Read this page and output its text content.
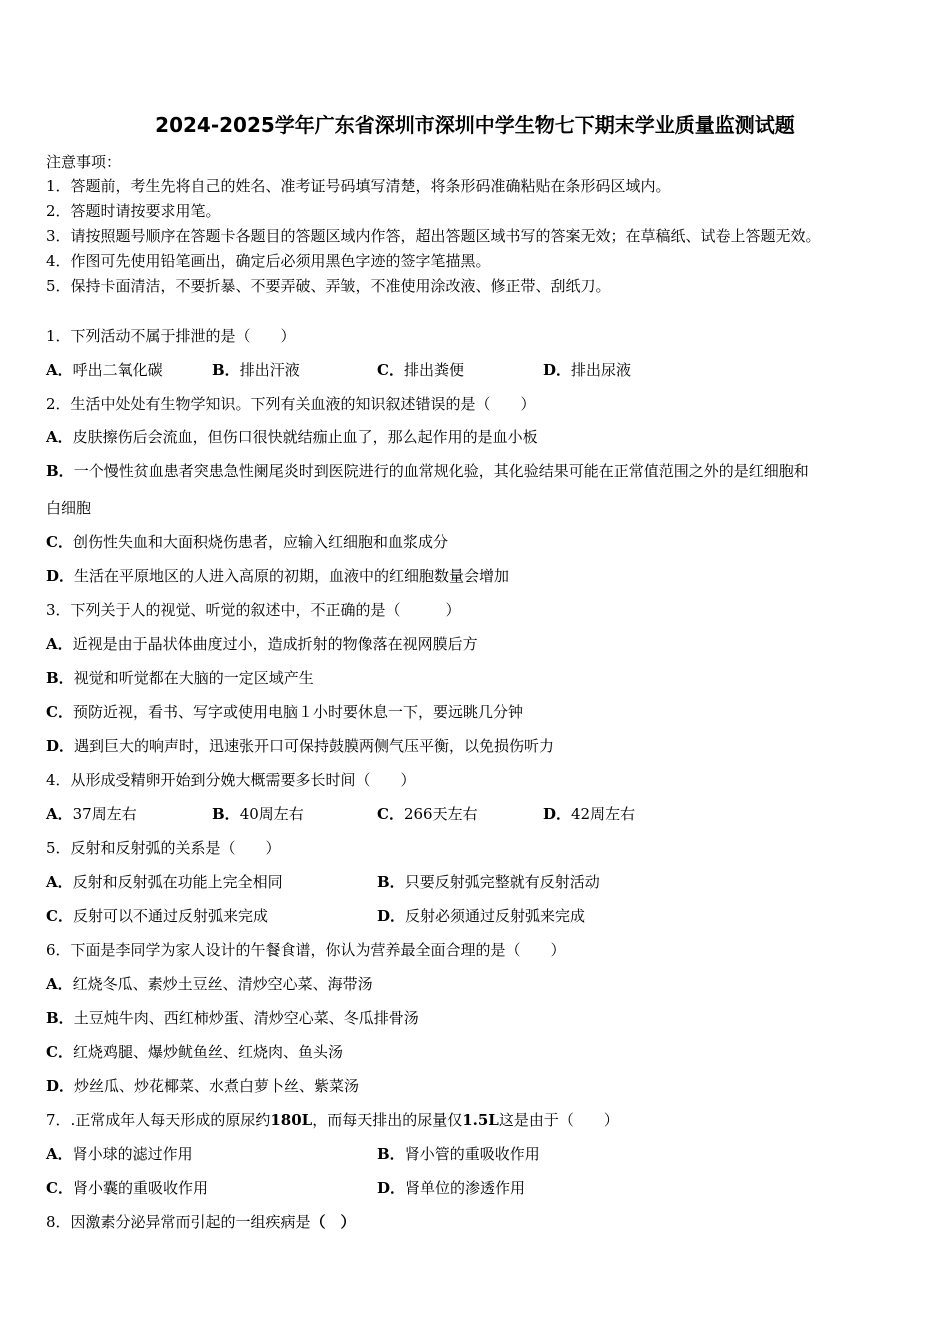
2024-2025学年广东省深圳市深圳中学生物七下期末学业质量监测试题
注意事项：
1．答题前，考生先将自己的姓名、准考证号码填写清楚，将条形码准确粘贴在条形码区域内。
2．答题时请按要求用笔。
3．请按照题号顺序在答题卡各题目的答题区域内作答，超出答题区域书写的答案无效；在草稿纸、试卷上答题无效。
4．作图可先使用铅笔画出，确定后必须用黑色字迹的签字笔描黑。
5．保持卡面清洁，不要折暴、不要弄破、弄皱，不准使用涂改液、修正带、刮纸刀。
1．下列活动不属于排泄的是（　　）
A．呼出二氧化碳	B．排出汗液	C．排出粪便	D．排出尿液
2．生活中处处有生物学知识。下列有关血液的知识叙述错误的是（　　）
A．皮肤擦伤后会流血，但伤口很快就结痂止血了，那么起作用的是血小板
B．一个慢性贫血患者突患急性阑尾炎时到医院进行的血常规化验，其化验结果可能在正常值范围之外的是红细胞和
白细胞
C．创伤性失血和大面积烧伤患者，应输入红细胞和血浆成分
D．生活在平原地区的人进入高原的初期，血液中的红细胞数量会增加
3．下列关于人的视觉、听觉的叙述中，不正确的是（　　　）
A．近视是由于晶状体曲度过小，造成折射的物像落在视网膜后方
B．视觉和听觉都在大脑的一定区域产生
C．预防近视，看书、写字或使用电脑１小时要休息一下，要远眺几分钟
D．遇到巨大的响声时，迅速张开口可保持鼓膜两侧气压平衡，以免损伤听力
4．从形成受精卵开始到分娩大概需要多长时间（　　）
A．37周左右	B．40周左右	C．266天左右	D．42周左右
5．反射和反射弧的关系是（　　）
A．反射和反射弧在功能上完全相同	B．只要反射弧完整就有反射活动
C．反射可以不通过反射弧来完成	D．反射必须通过反射弧来完成
6．下面是李同学为家人设计的午餐食谱，你认为营养最全面合理的是（　　）
A．红烧冬瓜、素炒土豆丝、清炒空心菜、海带汤
B．土豆炖牛肉、西红柿炒蛋、清炒空心菜、冬瓜排骨汤
C．红烧鸡腿、爆炒鱿鱼丝、红烧肉、鱼头汤
D．炒丝瓜、炒花椰菜、水煮白萝卜丝、紫菜汤
7．.正常成年人每天形成的原尿约180L，而每天排出的尿量仅1.5L这是由于（　　）
A．肾小球的滤过作用	B．肾小管的重吸收作用
C．肾小囊的重吸收作用	D．肾单位的渗透作用
8．因激素分泌异常而引起的一组疾病是（　）
